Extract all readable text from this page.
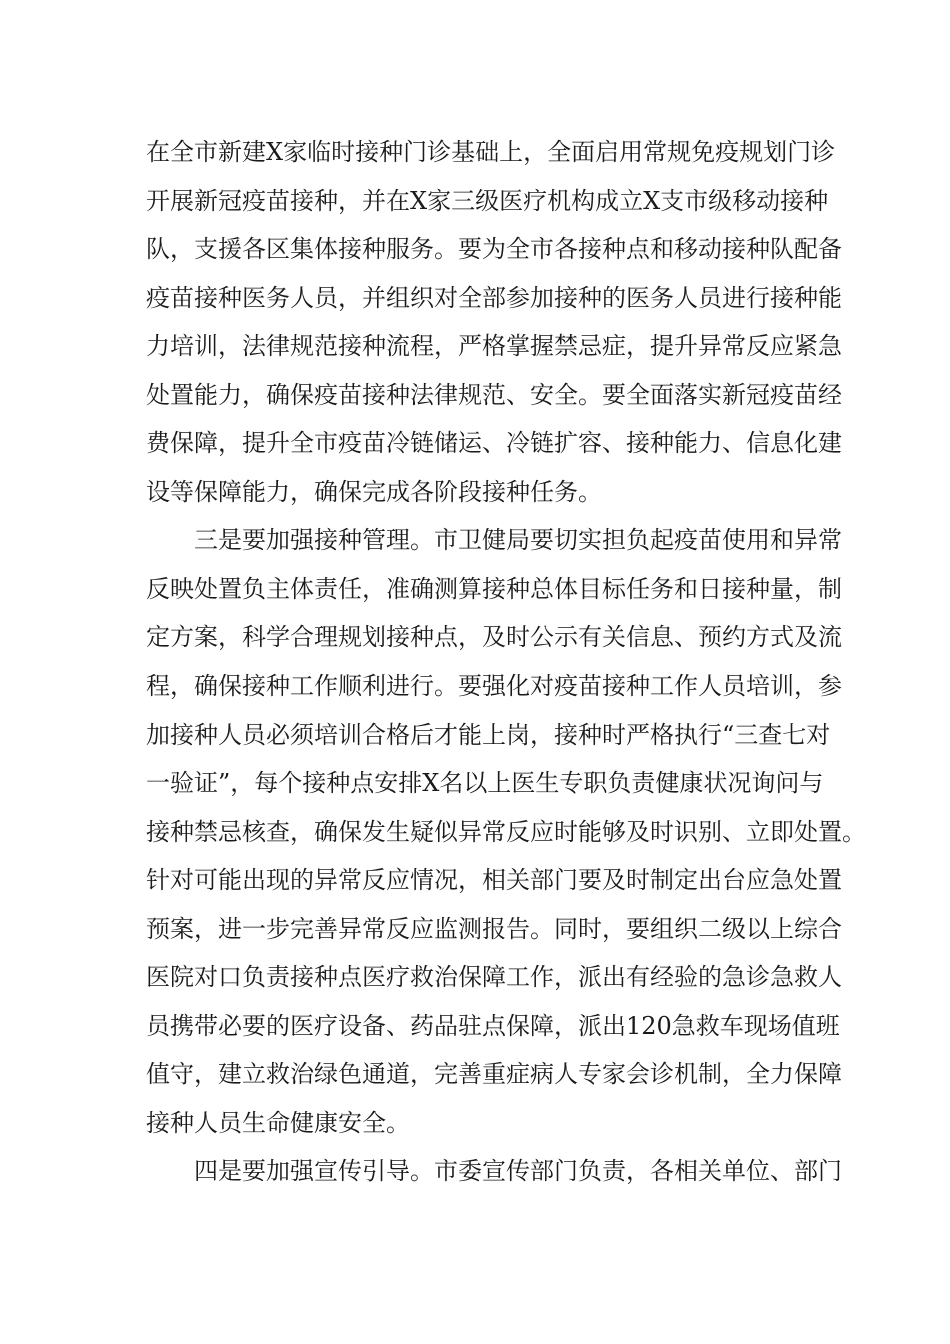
在全市新建X家临时接种门诊基础上，全面启用常规免疫规划门诊
开展新冠疫苗接种，并在X家三级医疗机构成立X支市级移动接种
队，支援各区集体接种服务。要为全市各接种点和移动接种队配备
疫苗接种医务人员，并组织对全部参加接种的医务人员进行接种能
力培训，法律规范接种流程，严格掌握禁忌症，提升异常反应紧急
处置能力，确保疫苗接种法律规范、安全。要全面落实新冠疫苗经
费保障，提升全市疫苗冷链储运、冷链扩容、接种能力、信息化建
设等保障能力，确保完成各阶段接种任务。
三是要加强接种管理。市卫健局要切实担负起疫苗使用和异常
反映处置负主体责任，准确测算接种总体目标任务和日接种量，制
定方案，科学合理规划接种点，及时公示有关信息、预约方式及流
程，确保接种工作顺利进行。要强化对疫苗接种工作人员培训，参
加接种人员必须培训合格后才能上岗，接种时严格执行“三查七对
一验证”，每个接种点安排X名以上医生专职负责健康状况询问与
接种禁忌核查，确保发生疑似异常反应时能够及时识别、立即处置。
针对可能出现的异常反应情况，相关部门要及时制定出台应急处置
预案，进一步完善异常反应监测报告。同时，要组织二级以上综合
医院对口负责接种点医疗救治保障工作，派出有经验的急诊急救人
员携带必要的医疗设备、药品驻点保障，派出120急救车现场值班
值守，建立救治绿色通道，完善重症病人专家会诊机制，全力保障
接种人员生命健康安全。
四是要加强宣传引导。市委宣传部门负责，各相关单位、部门
